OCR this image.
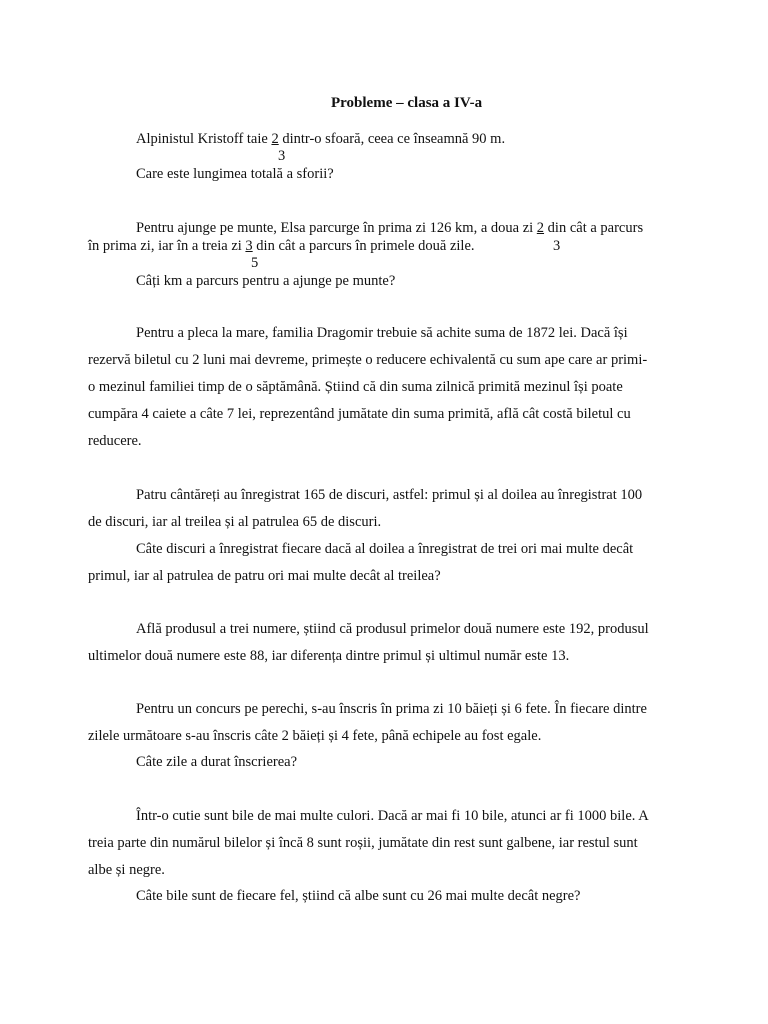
Probleme – clasa a IV-a
Alpinistul Kristoff taie 2 dintr-o sfoară, ceea ce înseamnă 90 m.
3
Care este lungimea totală a sforii?
Pentru ajunge pe munte, Elsa parcurge în prima zi 126 km, a doua zi 2 din cât a parcurs
în prima zi, iar în a treia zi 3 din cât a parcurs în primele două zile.	3
5
Câți km a parcurs pentru a ajunge pe munte?
Pentru a pleca la mare, familia Dragomir trebuie să achite suma de 1872 lei. Dacă își
rezervă biletul cu 2 luni mai devreme, primește o reducere echivalentă cu sum ape care ar primi-
o mezinul familiei timp de o săptămână. Știind că din suma zilnică primită mezinul își poate
cumpăra 4 caiete a câte 7 lei, reprezentând jumătate din suma primită, află cât costă biletul cu
reducere.
Patru cântăreți au înregistrat 165 de discuri, astfel: primul și al doilea au înregistrat 100
de discuri, iar al treilea și al patrulea 65 de discuri.
Câte discuri a înregistrat fiecare dacă al doilea a înregistrat de trei ori mai multe decât
primul, iar al patrulea de patru ori mai multe decât al treilea?
Află produsul a trei numere, știind că produsul primelor două numere este 192, produsul
ultimelor două numere este 88, iar diferența dintre primul și ultimul număr este 13.
Pentru un concurs pe perechi, s-au înscris în prima zi 10 băieți și 6 fete. În fiecare dintre
zilele următoare s-au înscris câte 2 băieți și 4 fete, până echipele au fost egale.
Câte zile a durat înscrierea?
Într-o cutie sunt bile de mai multe culori. Dacă ar mai fi 10 bile, atunci ar fi 1000 bile. A
treia parte din numărul bilelor și încă 8 sunt roșii, jumătate din rest sunt galbene, iar restul sunt
albe și negre.
Câte bile sunt de fiecare fel, știind că albe sunt cu 26 mai multe decât negre?
